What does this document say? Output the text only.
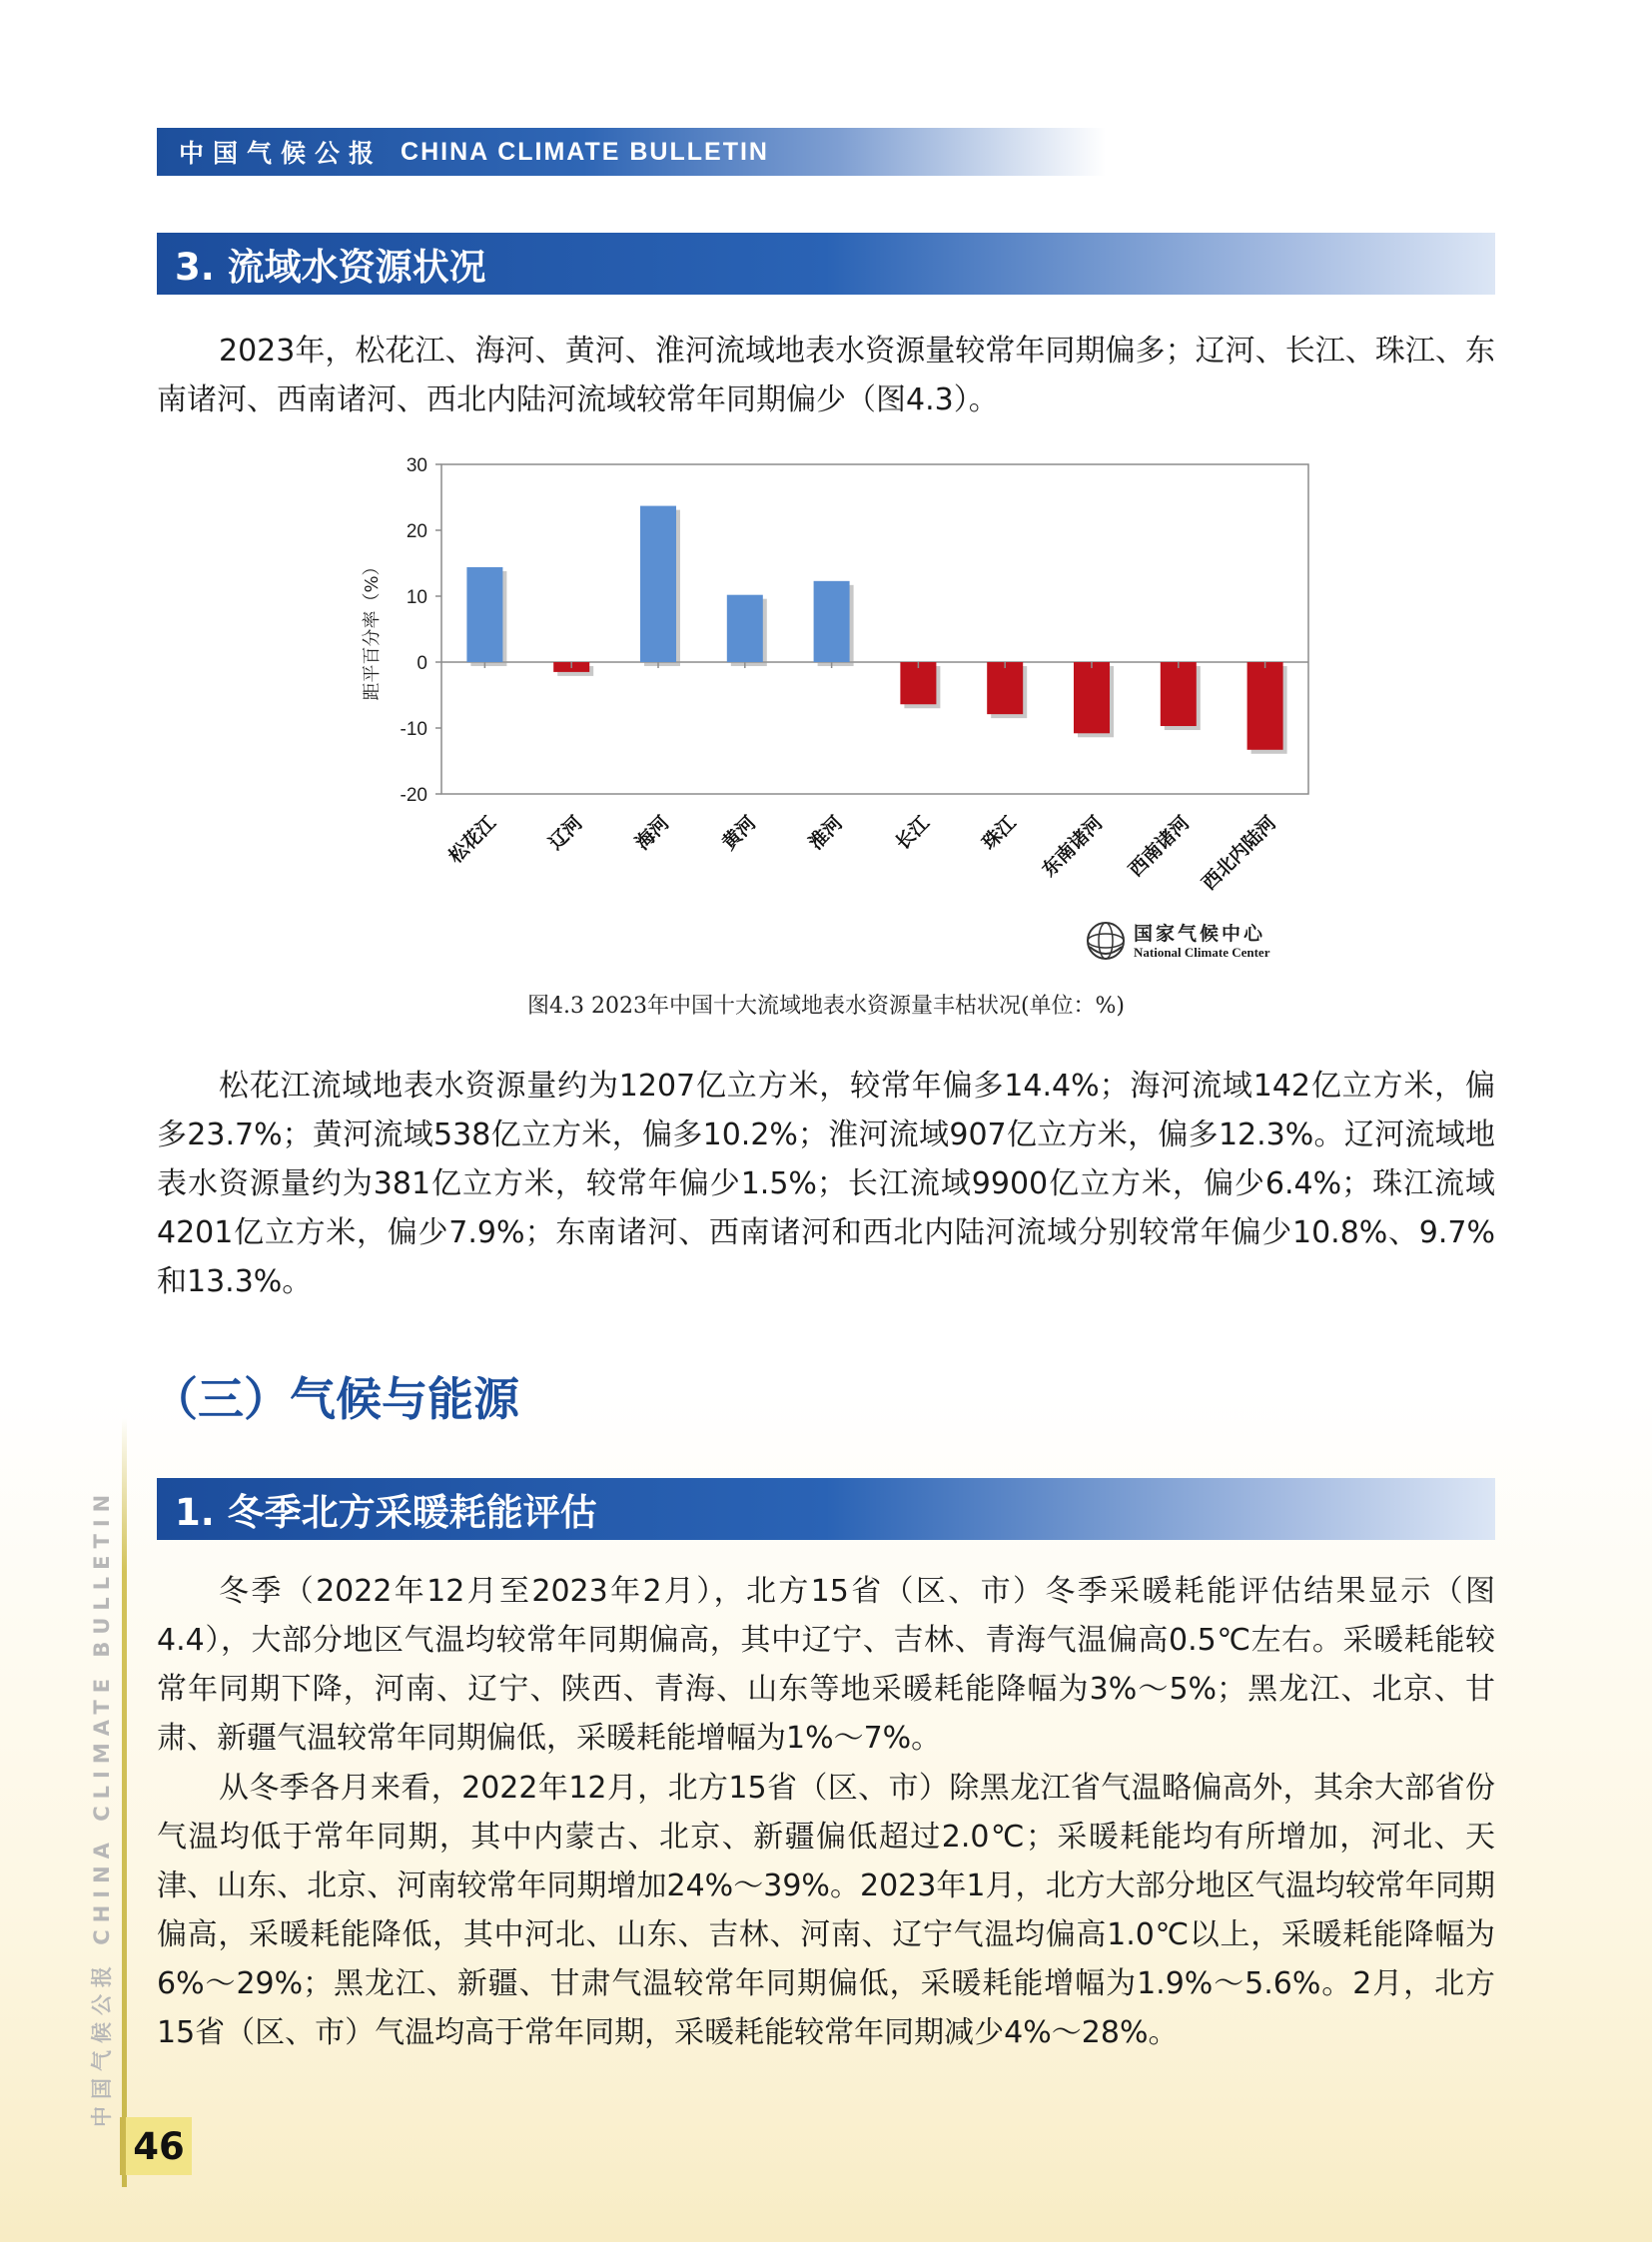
中国气候公报 CHINA CLIMATE BULLETIN
3. 流域水资源状况

2023年，松花江、海河、黄河、淮河流域地表水资源量较常年同期偏多；辽河、长江、珠江、东南诸河、西南诸河、西北内陆河流域较常年同期偏少（图4.3）。

30
20
10
0
-10
-20
距平百分率（%）
松花江 辽河 海河 黄河 淮河 长江 珠江 东南诸河 西南诸河 西北内陆河
国家气候中心
National Climate Center
图4.3 2023年中国十大流域地表水资源量丰枯状况(单位：%)

松花江流域地表水资源量约为1207亿立方米，较常年偏多14.4%；海河流域142亿立方米，偏多23.7%；黄河流域538亿立方米，偏多10.2%；淮河流域907亿立方米，偏多12.3%。辽河流域地表水资源量约为381亿立方米，较常年偏少1.5%；长江流域9900亿立方米，偏少6.4%；珠江流域4201亿立方米，偏少7.9%；东南诸河、西南诸河和西北内陆河流域分别较常年偏少10.8%、9.7%和13.3%。

（三）气候与能源
1. 冬季北方采暖耗能评估

冬季（2022年12月至2023年2月），北方15省（区、市）冬季采暖耗能评估结果显示（图4.4），大部分地区气温均较常年同期偏高，其中辽宁、吉林、青海气温偏高0.5℃左右。采暖耗能较常年同期下降，河南、辽宁、陕西、青海、山东等地采暖耗能降幅为3%～5%；黑龙江、北京、甘肃、新疆气温较常年同期偏低，采暖耗能增幅为1%～7%。

从冬季各月来看，2022年12月，北方15省（区、市）除黑龙江省气温略偏高外，其余大部省份气温均低于常年同期，其中内蒙古、北京、新疆偏低超过2.0℃；采暖耗能均有所增加，河北、天津、山东、北京、河南较常年同期增加24%～39%。2023年1月，北方大部分地区气温均较常年同期偏高，采暖耗能降低，其中河北、山东、吉林、河南、辽宁气温均偏高1.0℃以上，采暖耗能降幅为6%～29%；黑龙江、新疆、甘肃气温较常年同期偏低，采暖耗能增幅为1.9%～5.6%。2月，北方15省（区、市）气温均高于常年同期，采暖耗能较常年同期减少4%～28%。

中国气候公报 CHINA CLIMATE BULLETIN
46
